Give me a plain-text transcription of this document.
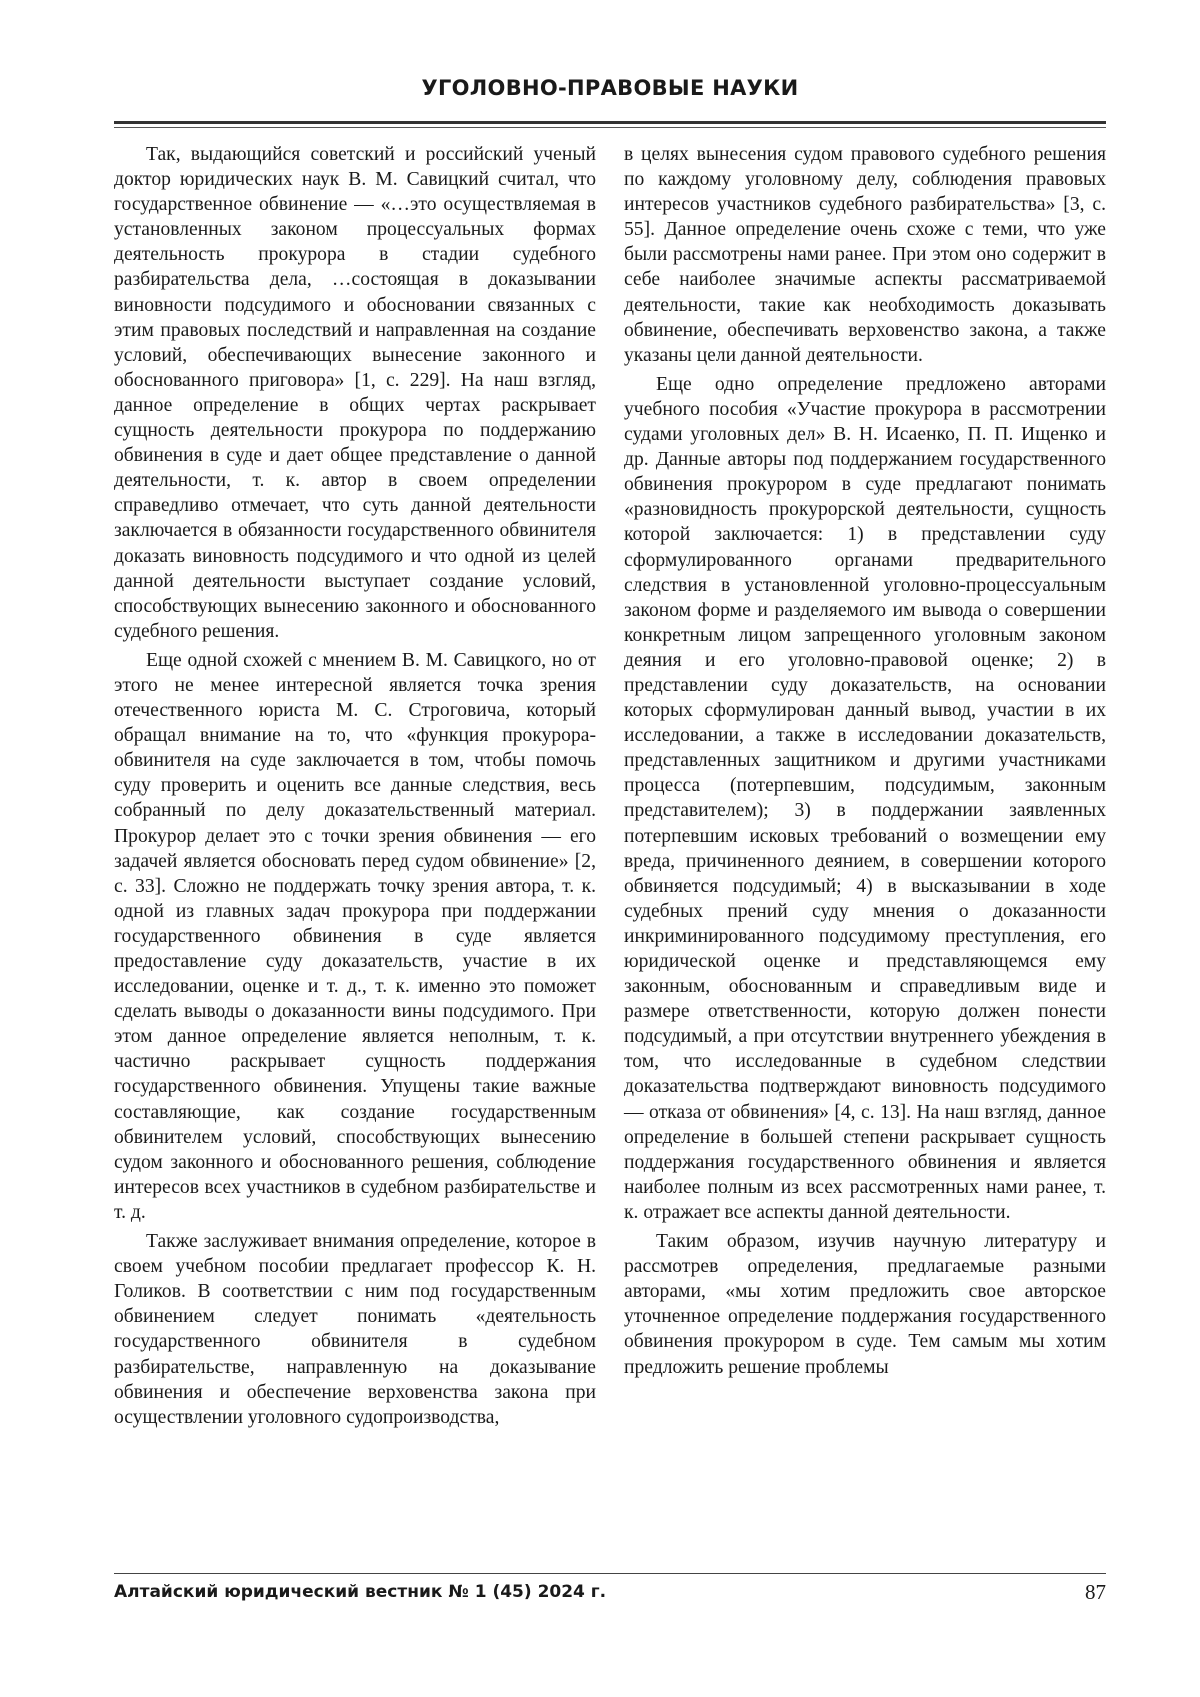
УГОЛОВНО-ПРАВОВЫЕ НАУКИ

Так, выдающийся советский и российский ученый доктор юридических наук В. М. Савицкий считал, что государственное обвинение — «…это осуществляемая в установленных законом процессуальных формах деятельность прокурора в стадии судебного разбирательства дела, …состоящая в доказывании виновности подсудимого и обосновании связанных с этим правовых последствий и направленная на создание условий, обеспечивающих вынесение законного и обоснованного приговора» [1, с. 229]. На наш взгляд, данное определение в общих чертах раскрывает сущность деятельности прокурора по поддержанию обвинения в суде и дает общее представление о данной деятельности, т. к. автор в своем определении справедливо отмечает, что суть данной деятельности заключается в обязанности государственного обвинителя доказать виновность подсудимого и что одной из целей данной деятельности выступает создание условий, способствующих вынесению законного и обоснованного судебного решения.

Еще одной схожей с мнением В. М. Савицкого, но от этого не менее интересной является точка зрения отечественного юриста М. С. Строговича, который обращал внимание на то, что «функция прокурора-обвинителя на суде заключается в том, чтобы помочь суду проверить и оценить все данные следствия, весь собранный по делу доказательственный материал. Прокурор делает это с точки зрения обвинения — его задачей является обосновать перед судом обвинение» [2, с. 33]. Сложно не поддержать точку зрения автора, т. к. одной из главных задач прокурора при поддержании государственного обвинения в суде является предоставление суду доказательств, участие в их исследовании, оценке и т. д., т. к. именно это поможет сделать выводы о доказанности вины подсудимого. При этом данное определение является неполным, т. к. частично раскрывает сущность поддержания государственного обвинения. Упущены такие важные составляющие, как создание государственным обвинителем условий, способствующих вынесению судом законного и обоснованного решения, соблюдение интересов всех участников в судебном разбирательстве и т. д.

Также заслуживает внимания определение, которое в своем учебном пособии предлагает профессор К. Н. Голиков. В соответствии с ним под государственным обвинением следует понимать «деятельность государственного обвинителя в судебном разбирательстве, направленную на доказывание обвинения и обеспечение верховенства закона при осуществлении уголовного судопроизводства,

в целях вынесения судом правового судебного решения по каждому уголовному делу, соблюдения правовых интересов участников судебного разбирательства» [3, с. 55]. Данное определение очень схоже с теми, что уже были рассмотрены нами ранее. При этом оно содержит в себе наиболее значимые аспекты рассматриваемой деятельности, такие как необходимость доказывать обвинение, обеспечивать верховенство закона, а также указаны цели данной деятельности.

Еще одно определение предложено авторами учебного пособия «Участие прокурора в рассмотрении судами уголовных дел» В. Н. Исаенко, П. П. Ищенко и др. Данные авторы под поддержанием государственного обвинения прокурором в суде предлагают понимать «разновидность прокурорской деятельности, сущность которой заключается: 1) в представлении суду сформулированного органами предварительного следствия в установленной уголовно-процессуальным законом форме и разделяемого им вывода о совершении конкретным лицом запрещенного уголовным законом деяния и его уголовно-правовой оценке; 2) в представлении суду доказательств, на основании которых сформулирован данный вывод, участии в их исследовании, а также в исследовании доказательств, представленных защитником и другими участниками процесса (потерпевшим, подсудимым, законным представителем); 3) в поддержании заявленных потерпевшим исковых требований о возмещении ему вреда, причиненного деянием, в совершении которого обвиняется подсудимый; 4) в высказывании в ходе судебных прений суду мнения о доказанности инкриминированного подсудимому преступления, его юридической оценке и представляющемся ему законным, обоснованным и справедливым виде и размере ответственности, которую должен понести подсудимый, а при отсутствии внутреннего убеждения в том, что исследованные в судебном следствии доказательства подтверждают виновность подсудимого — отказа от обвинения» [4, с. 13]. На наш взгляд, данное определение в большей степени раскрывает сущность поддержания государственного обвинения и является наиболее полным из всех рассмотренных нами ранее, т. к. отражает все аспекты данной деятельности.

Таким образом, изучив научную литературу и рассмотрев определения, предлагаемые разными авторами, «мы хотим предложить свое авторское уточненное определение поддержания государственного обвинения прокурором в суде. Тем самым мы хотим предложить решение проблемы

Алтайский юридический вестник № 1 (45) 2024 г.	87
